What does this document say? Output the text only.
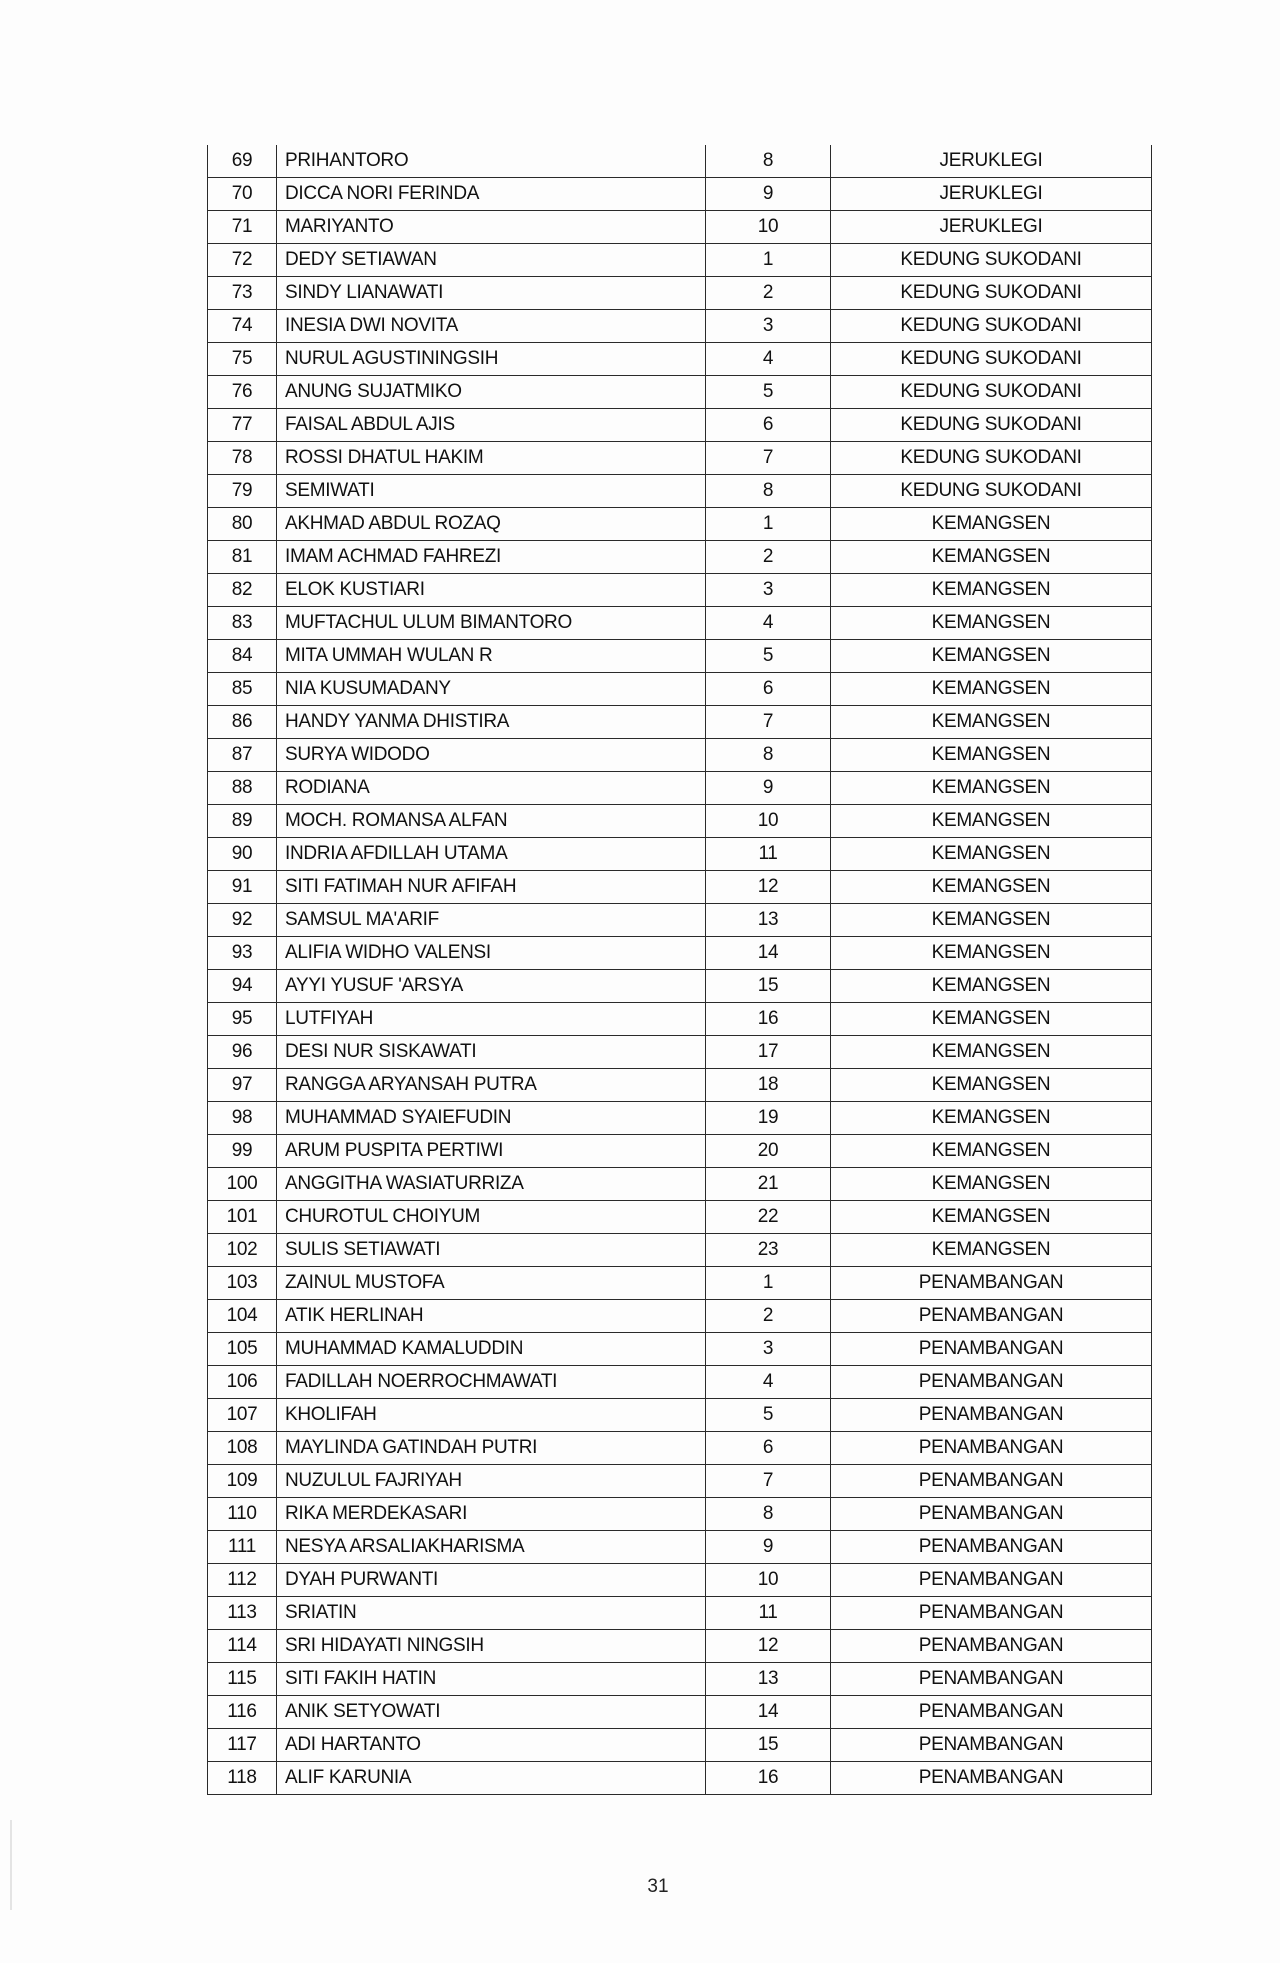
69	PRIHANTORO	8	JERUKLEGI
70	DICCA NORI FERINDA	9	JERUKLEGI
71	MARIYANTO	10	JERUKLEGI
72	DEDY SETIAWAN	1	KEDUNG SUKODANI
73	SINDY LIANAWATI	2	KEDUNG SUKODANI
74	INESIA DWI NOVITA	3	KEDUNG SUKODANI
75	NURUL AGUSTININGSIH	4	KEDUNG SUKODANI
76	ANUNG SUJATMIKO	5	KEDUNG SUKODANI
77	FAISAL ABDUL AJIS	6	KEDUNG SUKODANI
78	ROSSI DHATUL HAKIM	7	KEDUNG SUKODANI
79	SEMIWATI	8	KEDUNG SUKODANI
80	AKHMAD ABDUL ROZAQ	1	KEMANGSEN
81	IMAM ACHMAD FAHREZI	2	KEMANGSEN
82	ELOK KUSTIARI	3	KEMANGSEN
83	MUFTACHUL ULUM BIMANTORO	4	KEMANGSEN
84	MITA UMMAH WULAN R	5	KEMANGSEN
85	NIA KUSUMADANY	6	KEMANGSEN
86	HANDY YANMA DHISTIRA	7	KEMANGSEN
87	SURYA WIDODO	8	KEMANGSEN
88	RODIANA	9	KEMANGSEN
89	MOCH. ROMANSA ALFAN	10	KEMANGSEN
90	INDRIA AFDILLAH UTAMA	11	KEMANGSEN
91	SITI FATIMAH NUR AFIFAH	12	KEMANGSEN
92	SAMSUL MA'ARIF	13	KEMANGSEN
93	ALIFIA WIDHO VALENSI	14	KEMANGSEN
94	AYYI YUSUF 'ARSYA	15	KEMANGSEN
95	LUTFIYAH	16	KEMANGSEN
96	DESI NUR SISKAWATI	17	KEMANGSEN
97	RANGGA ARYANSAH PUTRA	18	KEMANGSEN
98	MUHAMMAD SYAIEFUDIN	19	KEMANGSEN
99	ARUM PUSPITA PERTIWI	20	KEMANGSEN
100	ANGGITHA WASIATURRIZA	21	KEMANGSEN
101	CHUROTUL CHOIYUM	22	KEMANGSEN
102	SULIS SETIAWATI	23	KEMANGSEN
103	ZAINUL MUSTOFA	1	PENAMBANGAN
104	ATIK HERLINAH	2	PENAMBANGAN
105	MUHAMMAD KAMALUDDIN	3	PENAMBANGAN
106	FADILLAH NOERROCHMAWATI	4	PENAMBANGAN
107	KHOLIFAH	5	PENAMBANGAN
108	MAYLINDA GATINDAH PUTRI	6	PENAMBANGAN
109	NUZULUL FAJRIYAH	7	PENAMBANGAN
110	RIKA MERDEKASARI	8	PENAMBANGAN
111	NESYA ARSALIAKHARISMA	9	PENAMBANGAN
112	DYAH PURWANTI	10	PENAMBANGAN
113	SRIATIN	11	PENAMBANGAN
114	SRI HIDAYATI NINGSIH	12	PENAMBANGAN
115	SITI FAKIH HATIN	13	PENAMBANGAN
116	ANIK SETYOWATI	14	PENAMBANGAN
117	ADI HARTANTO	15	PENAMBANGAN
118	ALIF KARUNIA	16	PENAMBANGAN
31
